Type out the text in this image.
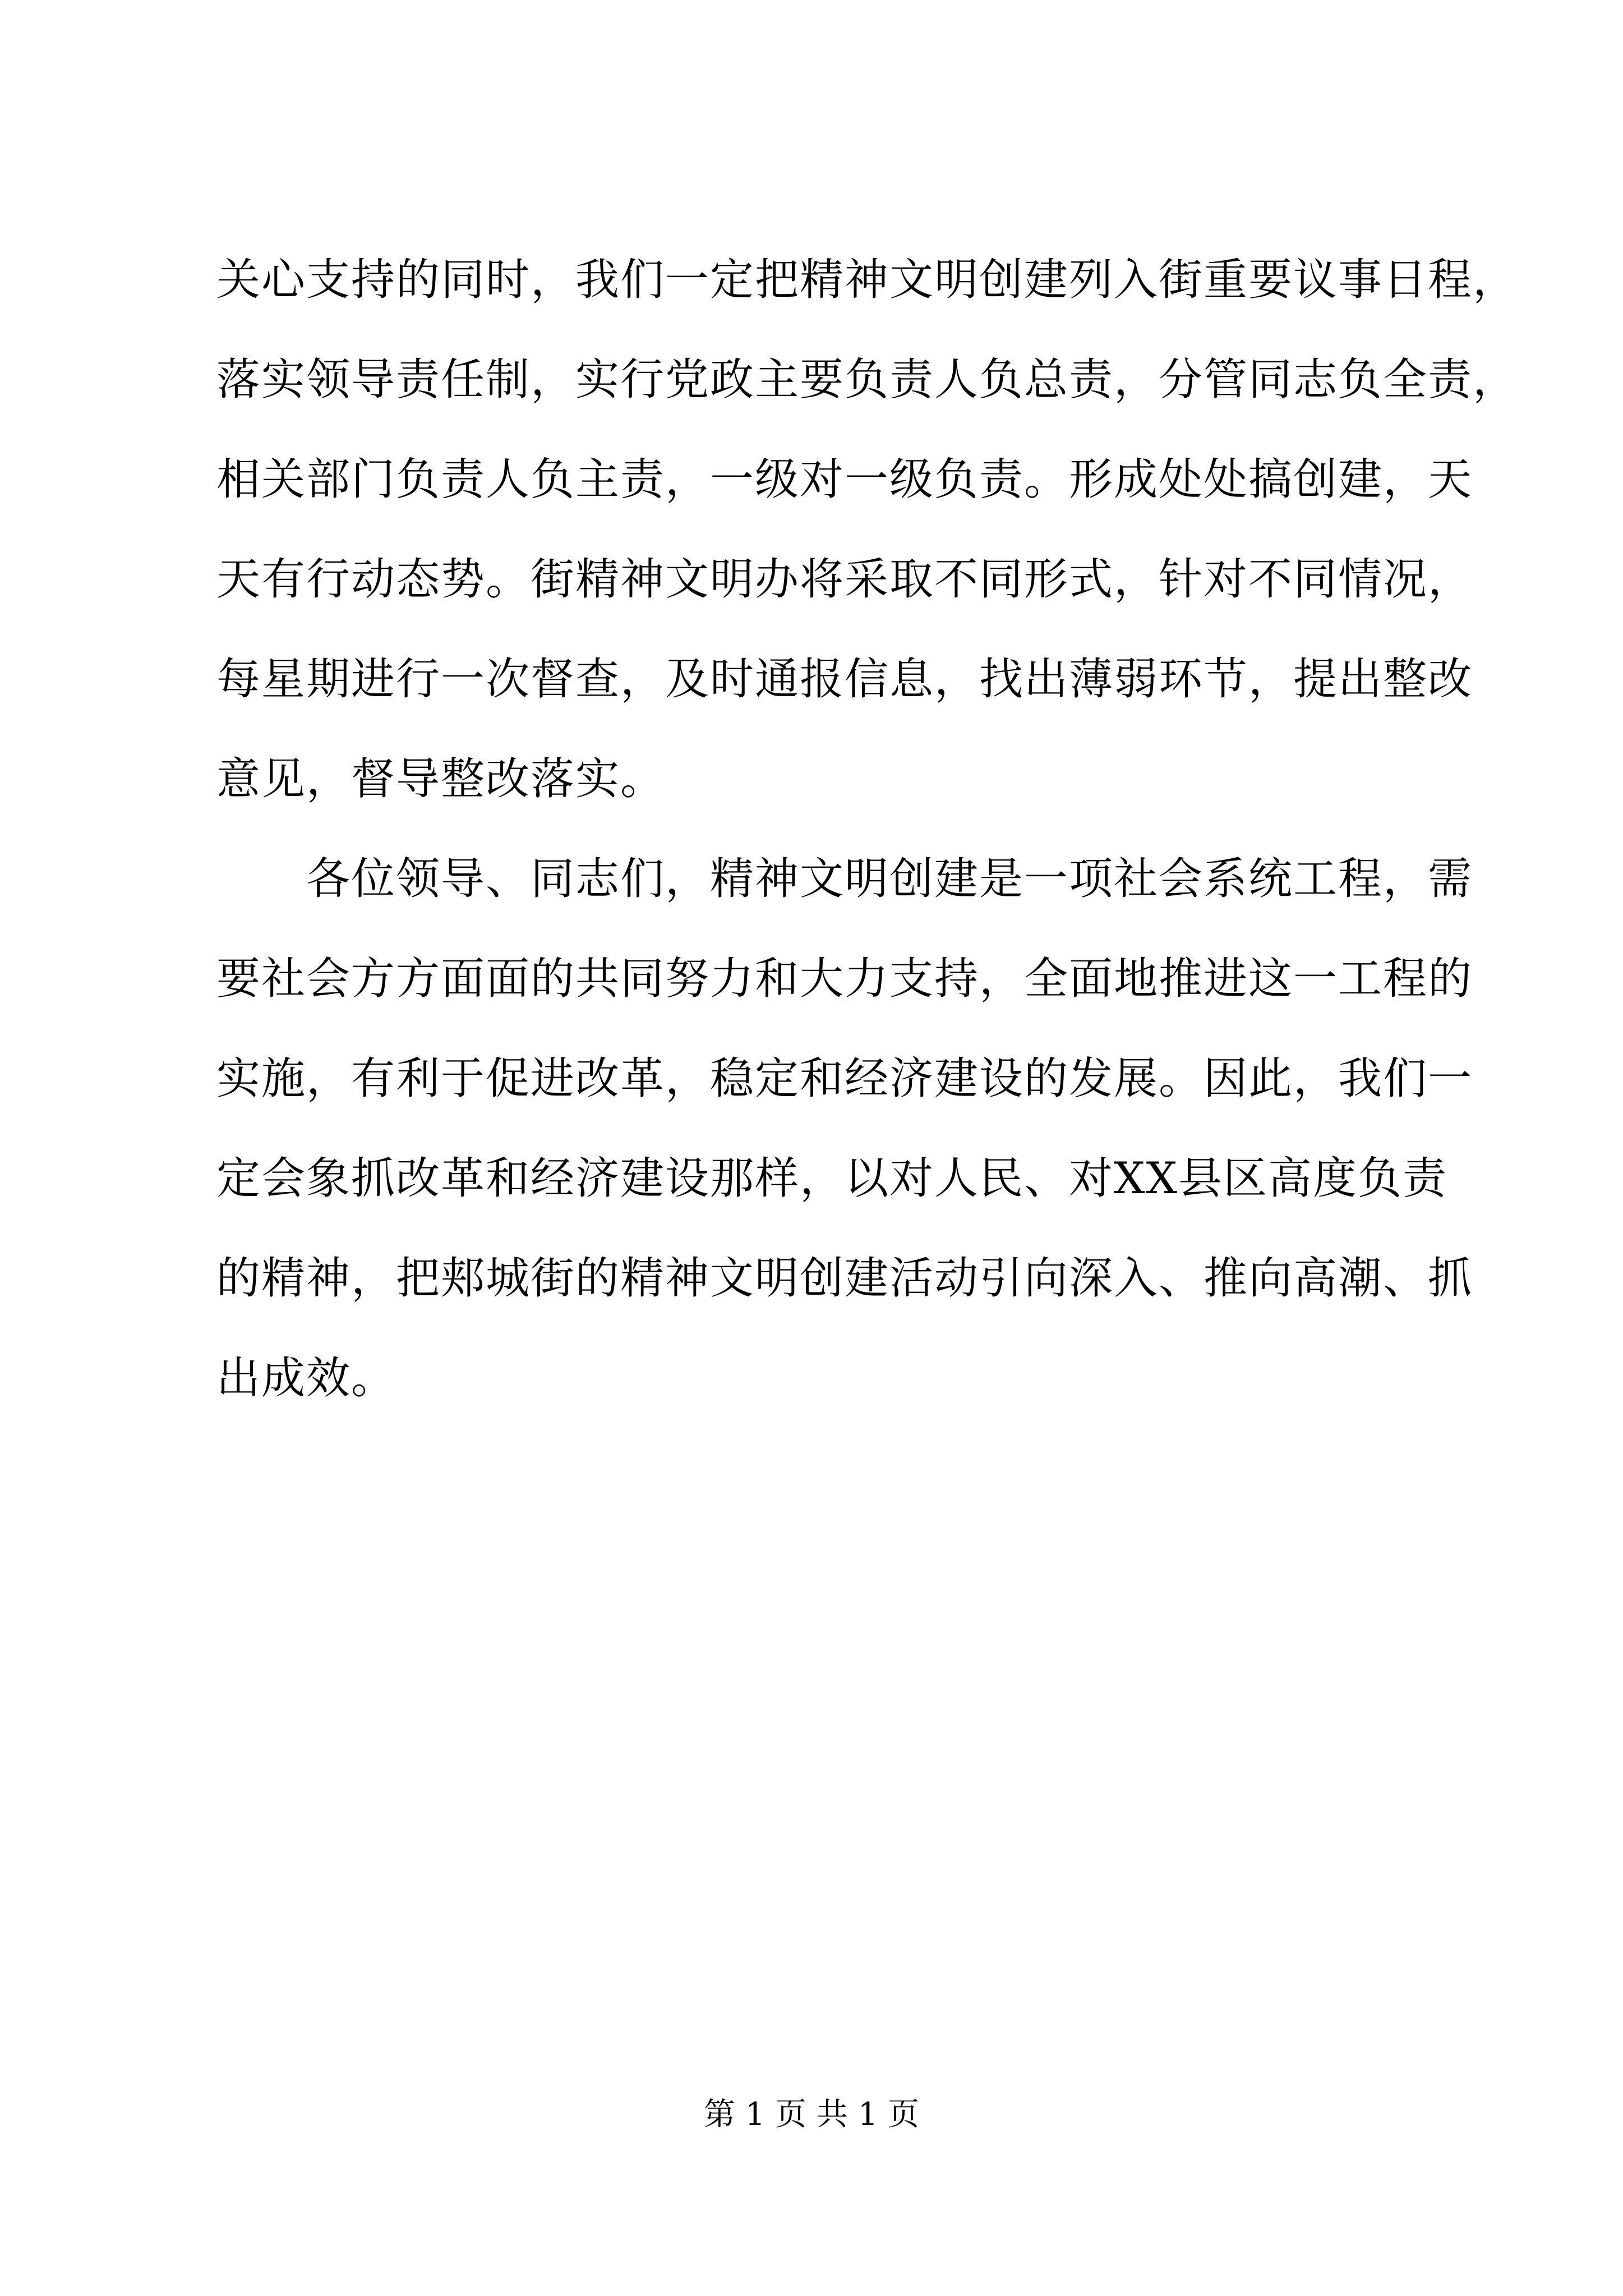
关心支持的同时，我们一定把精神文明创建列入街重要议事日程，
落实领导责任制，实行党政主要负责人负总责，分管同志负全责，
相关部门负责人负主责，一级对一级负责。形成处处搞创建，天
天有行动态势。街精神文明办将采取不同形式，针对不同情况，
每星期进行一次督查，及时通报信息，找出薄弱环节，提出整改
意见，督导整改落实。
　　各位领导、同志们，精神文明创建是一项社会系统工程，需
要社会方方面面的共同努力和大力支持，全面地推进这一工程的
实施，有利于促进改革，稳定和经济建设的发展。因此，我们一
定会象抓改革和经济建设那样，以对人民、对XX县区高度负责
的精神，把郏城街的精神文明创建活动引向深入、推向高潮、抓
出成效。
第 1 页 共 1 页
